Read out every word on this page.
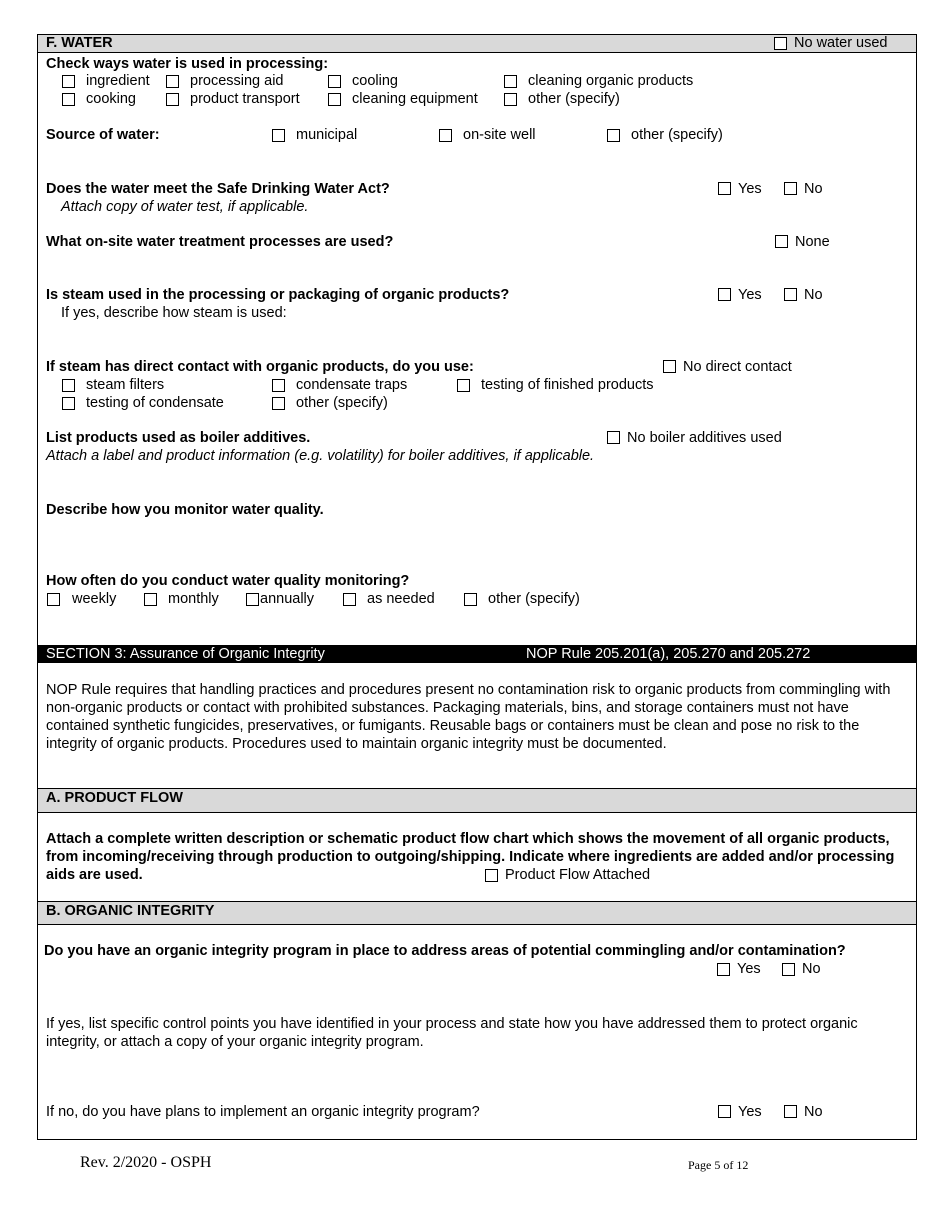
F. WATER	No water used
Check ways water is used in processing:
ingredient	processing aid	cooling	cleaning organic products
cooking	product transport	cleaning equipment	other (specify)
Source of water:	municipal	on-site well	other (specify)
Does the water meet the Safe Drinking Water Act?
Attach copy of water test, if applicable.
Yes	No
What on-site water treatment processes are used?	None
Is steam used in the processing or packaging of organic products?
If yes, describe how steam is used:
Yes	No
If steam has direct contact with organic products, do you use:	No direct contact
steam filters	condensate traps	testing of finished products
testing of condensate	other (specify)
List products used as boiler additives.	No boiler additives used
Attach a label and product information (e.g. volatility) for boiler additives, if applicable.
Describe how you monitor water quality.
How often do you conduct water quality monitoring?
weekly	monthly	annually	as needed	other (specify)
SECTION 3: Assurance of Organic Integrity	NOP Rule 205.201(a), 205.270 and 205.272
NOP Rule requires that handling practices and procedures present no contamination risk to organic products from commingling with non-organic products or contact with prohibited substances. Packaging materials, bins, and storage containers must not have contained synthetic fungicides, preservatives, or fumigants. Reusable bags or containers must be clean and pose no risk to the integrity of organic products. Procedures used to maintain organic integrity must be documented.
A. PRODUCT FLOW
Attach a complete written description or schematic product flow chart which shows the movement of all organic products, from incoming/receiving through production to outgoing/shipping. Indicate where ingredients are added and/or processing aids are used.	Product Flow Attached
B. ORGANIC INTEGRITY
Do you have an organic integrity program in place to address areas of potential commingling and/or contamination?
Yes	No
If yes, list specific control points you have identified in your process and state how you have addressed them to protect organic integrity, or attach a copy of your organic integrity program.
If no, do you have plans to implement an organic integrity program?	Yes	No
Rev. 2/2020 - OSPH	Page 5 of 12
